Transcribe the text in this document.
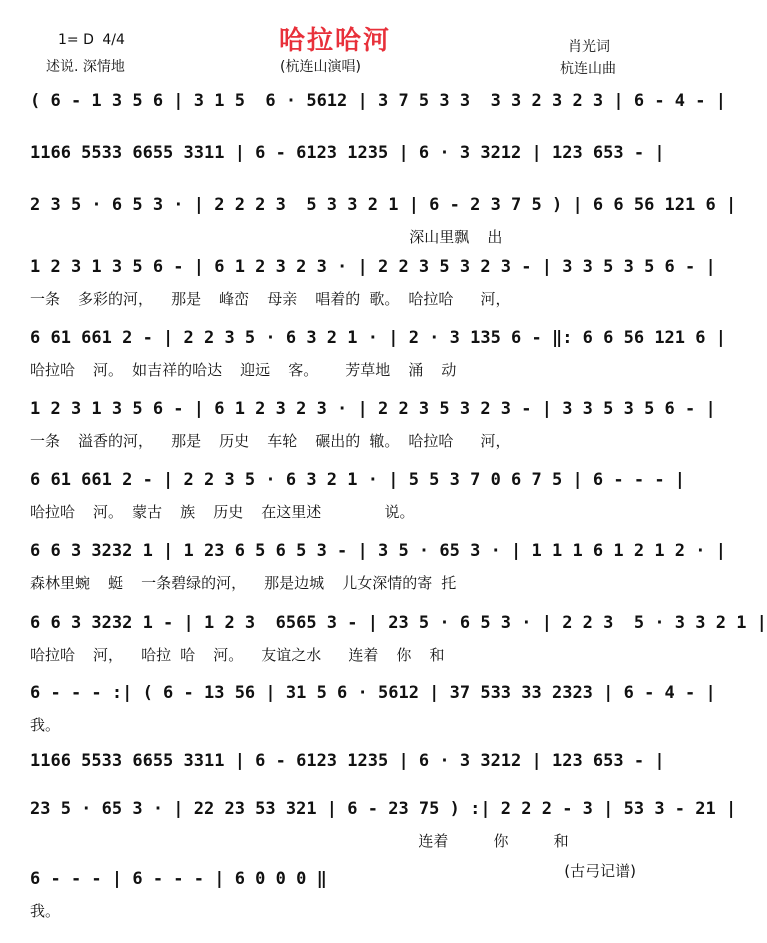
哈拉哈河
1= D 4/4
述说. 深情地	(杭连山演唱)
肖光词
杭连山曲
( 6 - 1 3 5 6 | 3 1 5  6 · 5612 | 3 7 5 3 3  3 3 2 3 2 3 | 6 - 4 - |
1166 5533 6655 3311 | 6 - 6123 1235 | 6 · 3 3212 | 123 653 - |
2 3 5 · 6 5 3 · | 2 2 2 3  5 3 3 2 1 | 6 - 2 3 7 5 ) | 6 6 56 121 6 |
深山里飘  出
1 2 3 1 3 5 6 - | 6 1 2 3 2 3 · | 2 2 3 5 3 2 3 - | 3 3 5 3 5 6 - |
一条  多彩的河，  那是  峰峦  母亲  唱着的 歌。 哈拉哈   河，
6 61 661 2 - | 2 2 3 5 · 6 3 2 1 · | 2 · 3 135 6 - ‖: 6 6 56 121 6 |
哈拉哈  河。 如吉祥的哈达  迎远  客。   芳草地  涌  动
1 2 3 1 3 5 6 - | 6 1 2 3 2 3 · | 2 2 3 5 3 2 3 - | 3 3 5 3 5 6 - |
一条  溢香的河，  那是  历史  车轮  碾出的 辙。 哈拉哈   河，
6 61 661 2 - | 2 2 3 5 · 6 3 2 1 · | 5 5 3 7 0 6 7 5 | 6 - - - |
哈拉哈  河。 蒙古  族  历史  在这里述       说。
6 6 3 3232 1 | 1 23 6 5 6 5 3 - | 3 5 · 65 3 · | 1 1 1 6 1 2 1 2 · |
森林里蜿  蜓  一条碧绿的河，  那是边城  儿女深情的寄 托
6 6 3 3232 1 - | 1 2 3  6565 3 - | 23 5 · 6 5 3 · | 2 2 3  5 · 3 3 2 1 |
哈拉哈  河，  哈拉 哈  河。  友谊之水   连着  你  和
6 - - - :| ( 6 - 13 56 | 31 5 6 · 5612 | 37 533 33 2323 | 6 - 4 - |
我。
1166 5533 6655 3311 | 6 - 6123 1235 | 6 · 3 3212 | 123 653 - |
23 5 · 65 3 · | 22 23 53 321 | 6 - 23 75 ) :| 2 2 2 - 3 | 53 3 - 21 |
连着     你     和
6 - - - | 6 - - - | 6 0 0 0 ‖
我。
(古弓记谱)
